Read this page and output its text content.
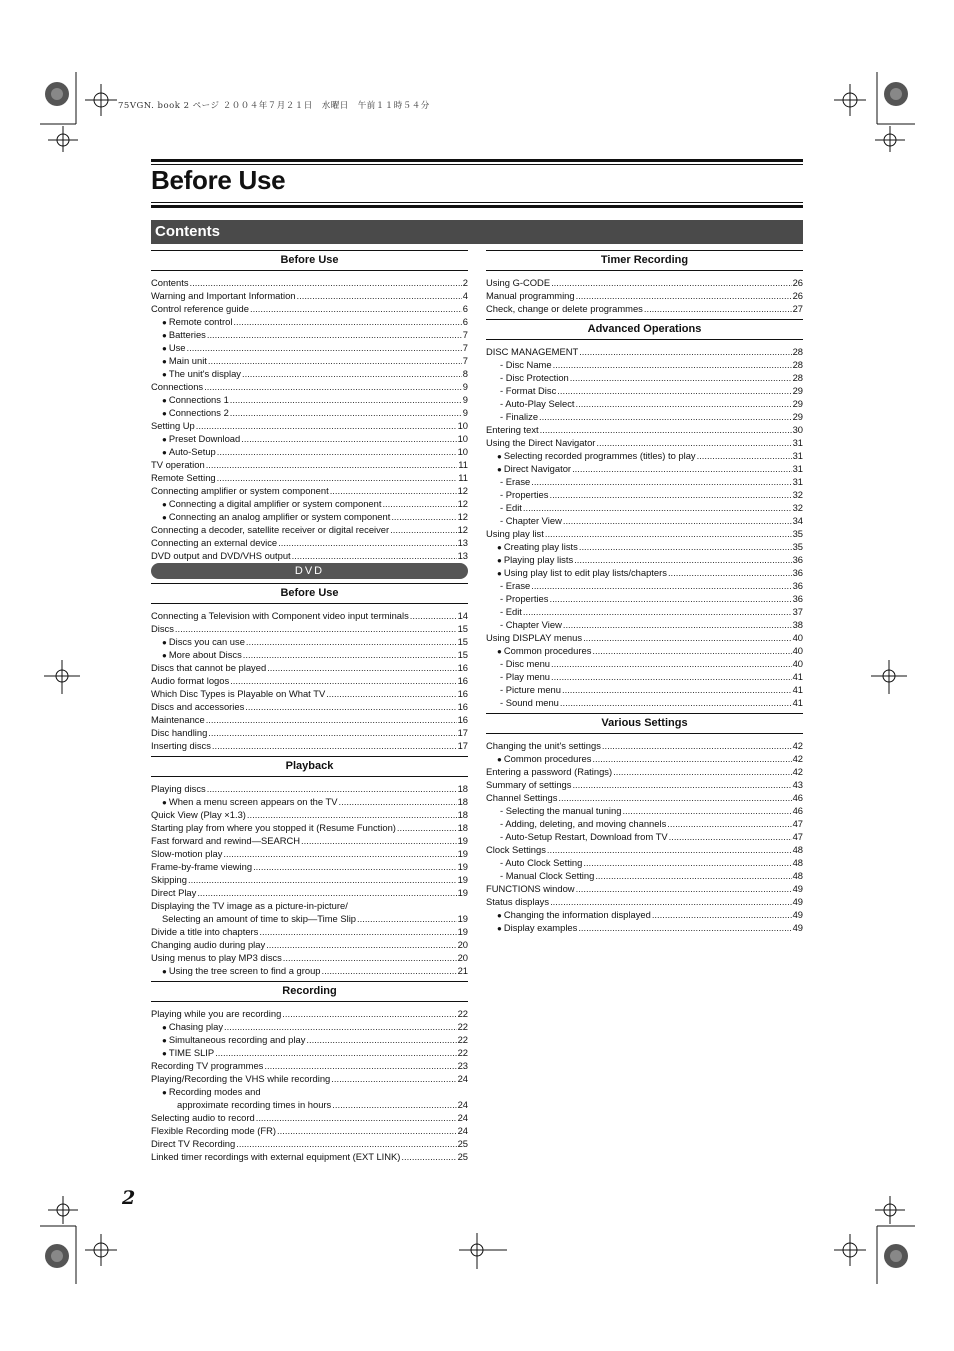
75VGN. book 2 ページ ２００４年７月２１日　水曜日　午前１１時５４分
Before Use
Contents
Before Use
Contents .....	2
Warning and Important Information .....	4
Control reference guide .....	6
● Remote control .....	6
● Batteries .....	7
● Use .....	7
● Main unit .....	7
● The unit's display .....	8
Connections .....	9
● Connections 1 .....	9
● Connections 2 .....	9
Setting Up .....	10
● Preset Download .....	10
● Auto-Setup .....	10
TV operation .....	11
Remote Setting .....	11
Connecting amplifier or system component .....	12
● Connecting a digital amplifier or system component .....	12
● Connecting an analog amplifier or system component .....	12
Connecting a decoder, satellite receiver or digital receiver .....	12
Connecting an external device .....	13
DVD output and DVD/VHS output .....	13
DVD
Before Use
Connecting a Television with Component video input terminals .....	14
Discs .....	15
● Discs you can use .....	15
● More about Discs .....	15
Discs that cannot be played .....	16
Audio format logos .....	16
Which Disc Types is Playable on What TV .....	16
Discs and accessories .....	16
Maintenance .....	16
Disc handling .....	17
Inserting discs .....	17
Playback
Playing discs .....	18
● When a menu screen appears on the TV .....	18
Quick View (Play ×1.3) .....	18
Starting play from where you stopped it (Resume Function) .....	18
Fast forward and rewind—SEARCH .....	19
Slow-motion play .....	19
Frame-by-frame viewing .....	19
Skipping .....	19
Direct Play .....	19
Displaying the TV image as a picture-in-picture/
Selecting an amount of time to skip—Time Slip .....	19
Divide a title into chapters .....	19
Changing audio during play .....	20
Using menus to play MP3 discs .....	20
● Using the tree screen to find a group .....	21
Recording
Playing while you are recording .....	22
● Chasing play .....	22
● Simultaneous recording and play .....	22
● TIME SLIP .....	22
Recording TV programmes .....	23
Playing/Recording the VHS while recording .....	24
● Recording modes and
approximate recording times in hours .....	24
Selecting audio to record .....	24
Flexible Recording mode (FR) .....	24
Direct TV Recording .....	25
Linked timer recordings with external equipment (EXT LINK) .....	25
Timer Recording
Using G-CODE .....	26
Manual programming .....	26
Check, change or delete programmes .....	27
Advanced Operations
DISC MANAGEMENT .....	28
- Disc Name .....	28
- Disc Protection .....	28
- Format Disc .....	29
- Auto-Play Select .....	29
- Finalize .....	29
Entering text .....	30
Using the Direct Navigator .....	31
● Selecting recorded programmes (titles) to play .....	31
● Direct Navigator .....	31
- Erase .....	31
- Properties .....	32
- Edit .....	32
- Chapter View .....	34
Using play list .....	35
● Creating play lists .....	35
● Playing play lists .....	36
● Using play list to edit play lists/chapters .....	36
- Erase .....	36
- Properties .....	36
- Edit .....	37
- Chapter View .....	38
Using DISPLAY menus .....	40
● Common procedures .....	40
- Disc menu .....	40
- Play menu .....	41
- Picture menu .....	41
- Sound menu .....	41
Various Settings
Changing the unit's settings .....	42
● Common procedures .....	42
Entering a password (Ratings) .....	42
Summary of settings .....	43
Channel Settings .....	46
- Selecting the manual tuning .....	46
- Adding, deleting, and moving channels .....	47
- Auto-Setup Restart, Download from TV .....	47
Clock Settings .....	48
- Auto Clock Setting .....	48
- Manual Clock Setting .....	48
FUNCTIONS window .....	49
Status displays .....	49
● Changing the information displayed .....	49
● Display examples .....	49
2
